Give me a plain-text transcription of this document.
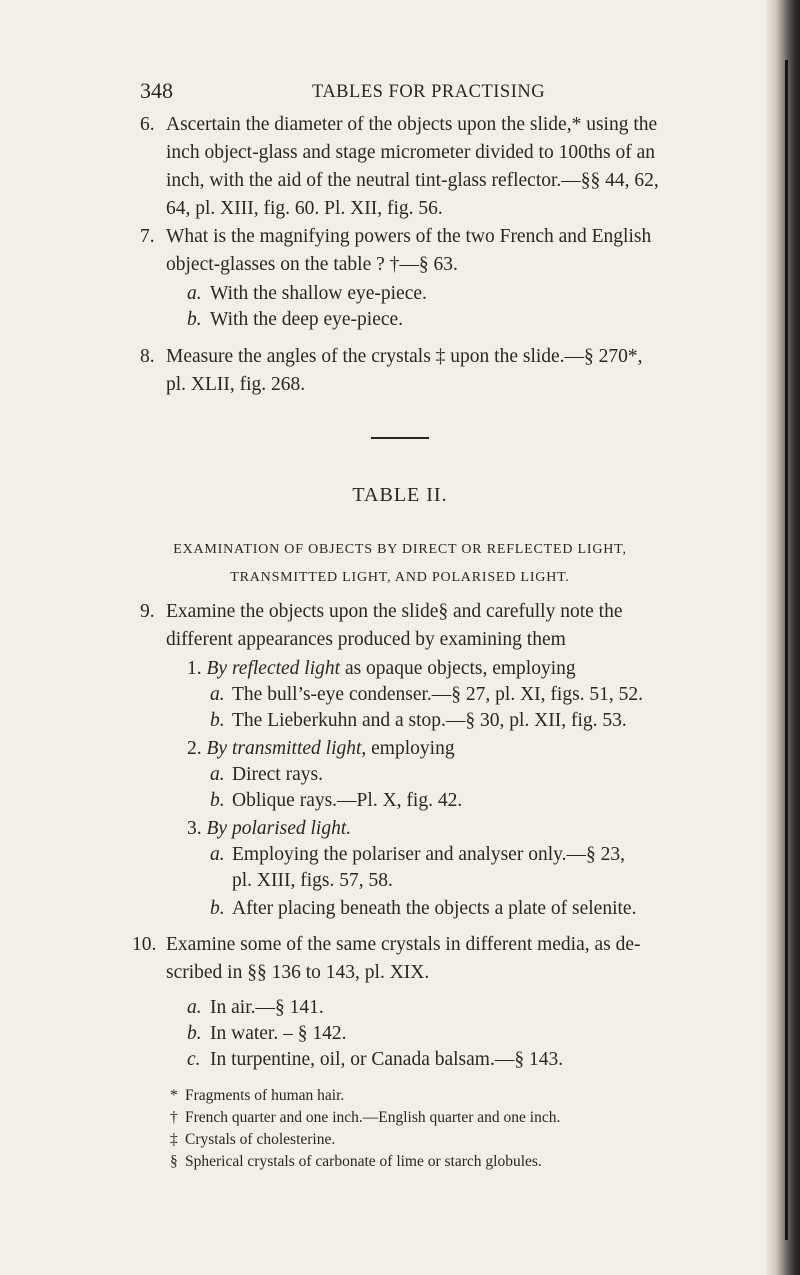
348	TABLES FOR PRACTISING
6. Ascertain the diameter of the objects upon the slide,* using the
inch object-glass and stage micrometer divided to 100ths of an
inch, with the aid of the neutral tint-glass reflector.—§§ 44, 62,
64, pl. XIII, fig. 60. Pl. XII, fig. 56.
7. What is the magnifying powers of the two French and English
object-glasses on the table ? †—§ 63.
a. With the shallow eye-piece.
b. With the deep eye-piece.
8. Measure the angles of the crystals ‡ upon the slide.—§ 270*,
pl. XLII, fig. 268.
TABLE II.
EXAMINATION OF OBJECTS BY DIRECT OR REFLECTED LIGHT,
TRANSMITTED LIGHT, AND POLARISED LIGHT.
9. Examine the objects upon the slide§ and carefully note the
different appearances produced by examining them
1. By reflected light as opaque objects, employing
a. The bull’s-eye condenser.—§ 27, pl. XI, figs. 51, 52.
b. The Lieberkuhn and a stop.—§ 30, pl. XII, fig. 53.
2. By transmitted light, employing
a. Direct rays.
b. Oblique rays.—Pl. X, fig. 42.
3. By polarised light.
a. Employing the polariser and analyser only.—§ 23,
pl. XIII, figs. 57, 58.
b. After placing beneath the objects a plate of selenite.
10. Examine some of the same crystals in different media, as de-
scribed in §§ 136 to 143, pl. XIX.
a. In air.—§ 141.
b. In water. – § 142.
c. In turpentine, oil, or Canada balsam.—§ 143.
* Fragments of human hair.
† French quarter and one inch.—English quarter and one inch.
‡ Crystals of cholesterine.
§ Spherical crystals of carbonate of lime or starch globules.
